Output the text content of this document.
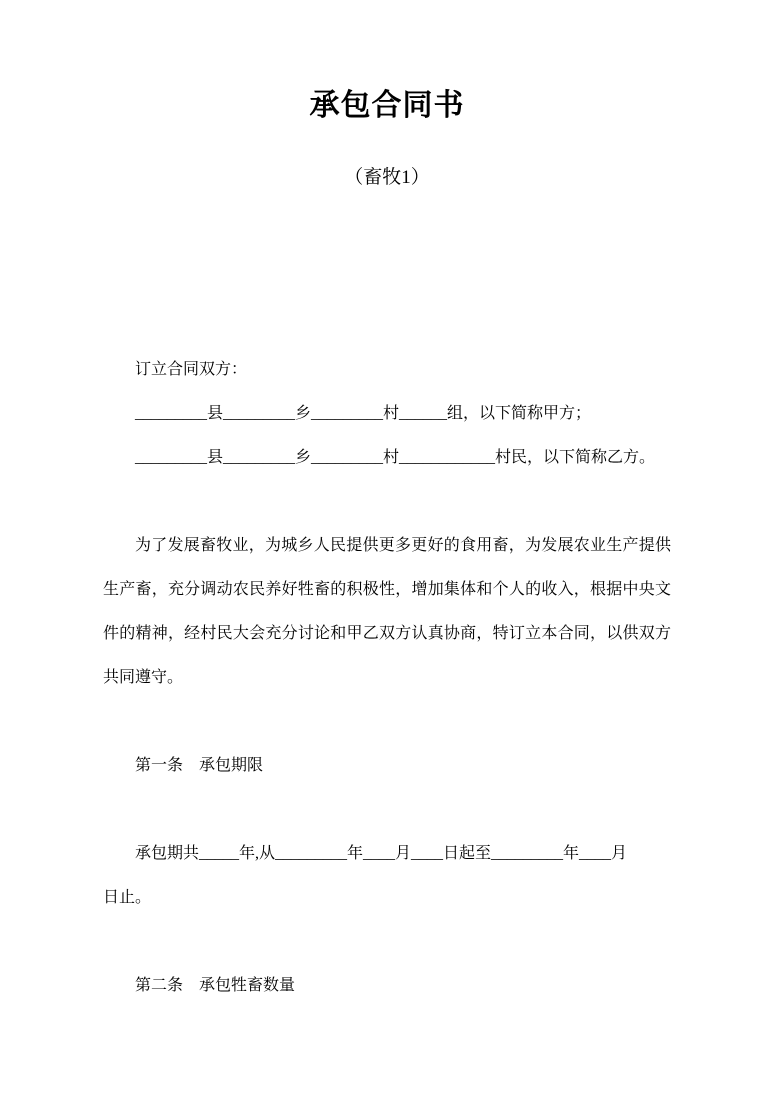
承包合同书

（畜牧1）

订立合同双方：

_________县_________乡_________村______组，以下简称甲方；

_________县_________乡_________村____________村民，以下简称乙方。

为了发展畜牧业，为城乡人民提供更多更好的食用畜，为发展农业生产提供生产畜，充分调动农民养好牲畜的积极性，增加集体和个人的收入，根据中央文件的精神，经村民大会充分讨论和甲乙双方认真协商，特订立本合同，以供双方共同遵守。

第一条　承包期限

承包期共_____年,从_________年____月____日起至_________年____月
日止。

第二条　承包牲畜数量
